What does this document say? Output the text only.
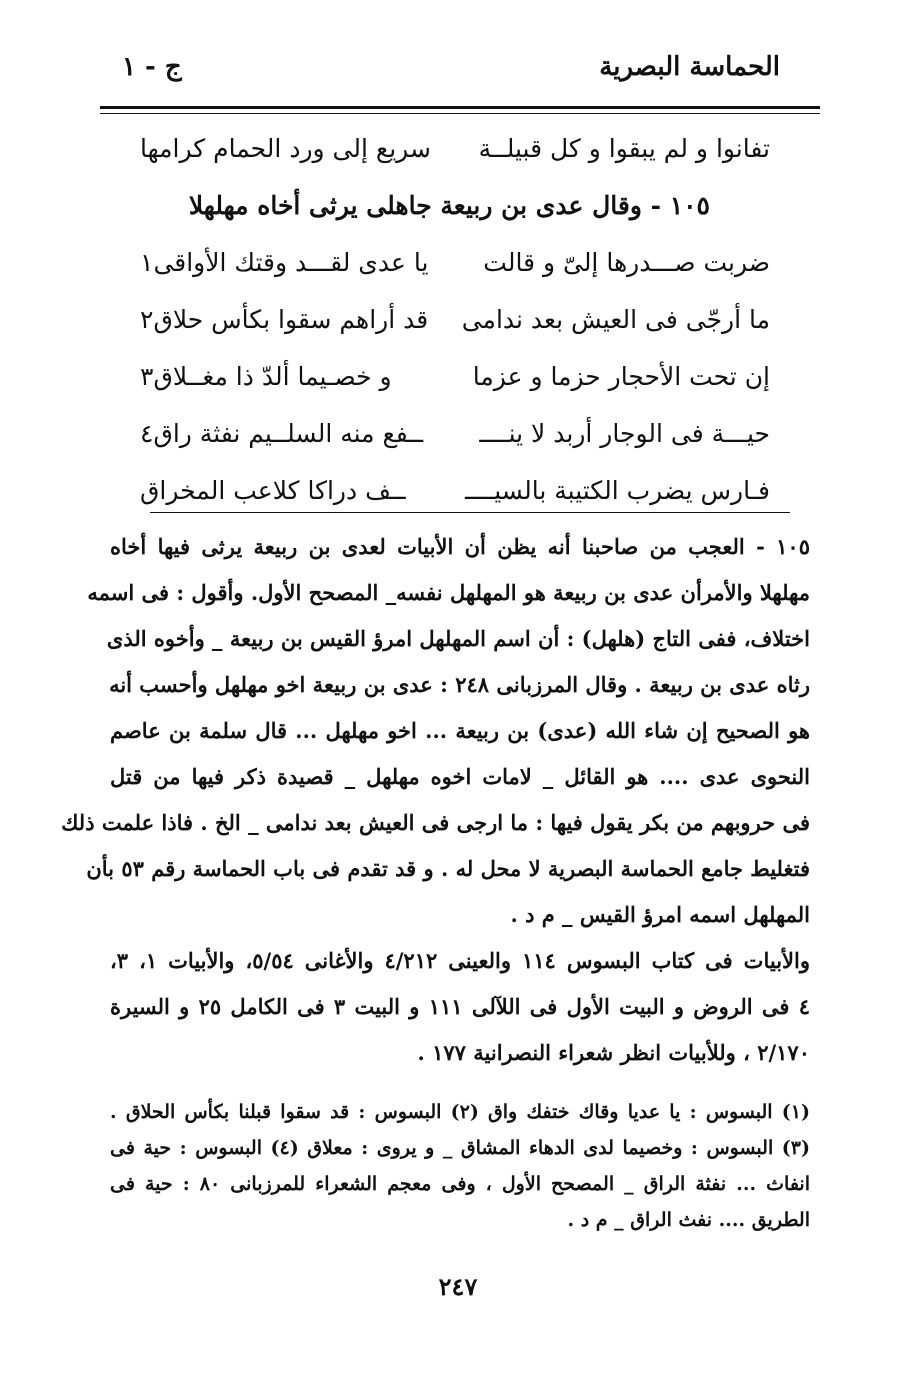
الحماسة البصرية
ج - ١
تفانوا و لم يبقوا و كل قبيلــة
سريع إلى ورد الحمام كرامها
١٠٥ - وقال عدى بن ربيعة جاهلى يرثى أخاه مهلهلا
ضربت صـــدرها إلىّ و قالت
يا عدى لقـــد وقتك الأواقى١
ما أرجّى فى العيش بعد ندامى
قد أراهم سقوا بكأس حلاق٢
إن تحت الأحجار حزما و عزما
و خصـيما ألدّ ذا مغــلاق٣
حيـــة فى الوجار أربد لا ينــــ
ــفع منه السلــيم نفثة راق٤
فـارس يضرب الكتيبة بالسيــــ
ــف دراكا كلاعب المخراق
١٠٥ - العجب من صاحبنا أنه يظن أن الأبيات لعدى بن ربيعة يرثى فيها أخاه
مهلهلا والأمرأن عدى بن ربيعة هو المهلهل نفسه_ المصحح الأول. وأقول : فى اسمه
اختلاف، ففى التاج (هلهل) : أن اسم المهلهل امرؤ القيس بن ربيعة _ وأخوه الذى
رثاه عدى بن ربيعة . وقال المرزبانى ٢٤٨ : عدى بن ربيعة اخو مهلهل وأحسب أنه
هو الصحيح إن شاء الله (عدى) بن ربيعة ... اخو مهلهل ... قال سلمة بن عاصم
النحوى عدى .... هو القائل _ لامات اخوه مهلهل _ قصيدة ذكر فيها من قتل
فى حروبهم من بكر يقول فيها : ما ارجى فى العيش بعد ندامى _ الخ . فاذا علمت ذلك
فتغليط جامع الحماسة البصرية لا محل له . و قد تقدم فى باب الحماسة رقم ٥٣ بأن
المهلهل اسمه امرؤ القيس _ م د .
والأبيات فى كتاب البسوس ١١٤ والعينى ٤/٢١٢ والأغانى ٥/٥٤، والأبيات ١، ٣،
٤ فى الروض و البيت الأول فى اللآلى ١١١ و البيت ٣ فى الكامل ٢٥ و السيرة
٢/١٧٠ ، وللأبيات انظر شعراء النصرانية ١٧٧ .
(١) البسوس : يا عديا وقاك ختفك واق (٢) البسوس : قد سقوا قبلنا بكأس الحلاق .
(٣) البسوس : وخصيما لدى الدهاء المشاق _ و يروى : معلاق (٤) البسوس : حية فى
انفاث ... نفثة الراق _ المصحح الأول ، وفى معجم الشعراء للمرزبانى ٨٠ : حية فى
الطريق .... نفث الراق _ م د .
٢٤٧
